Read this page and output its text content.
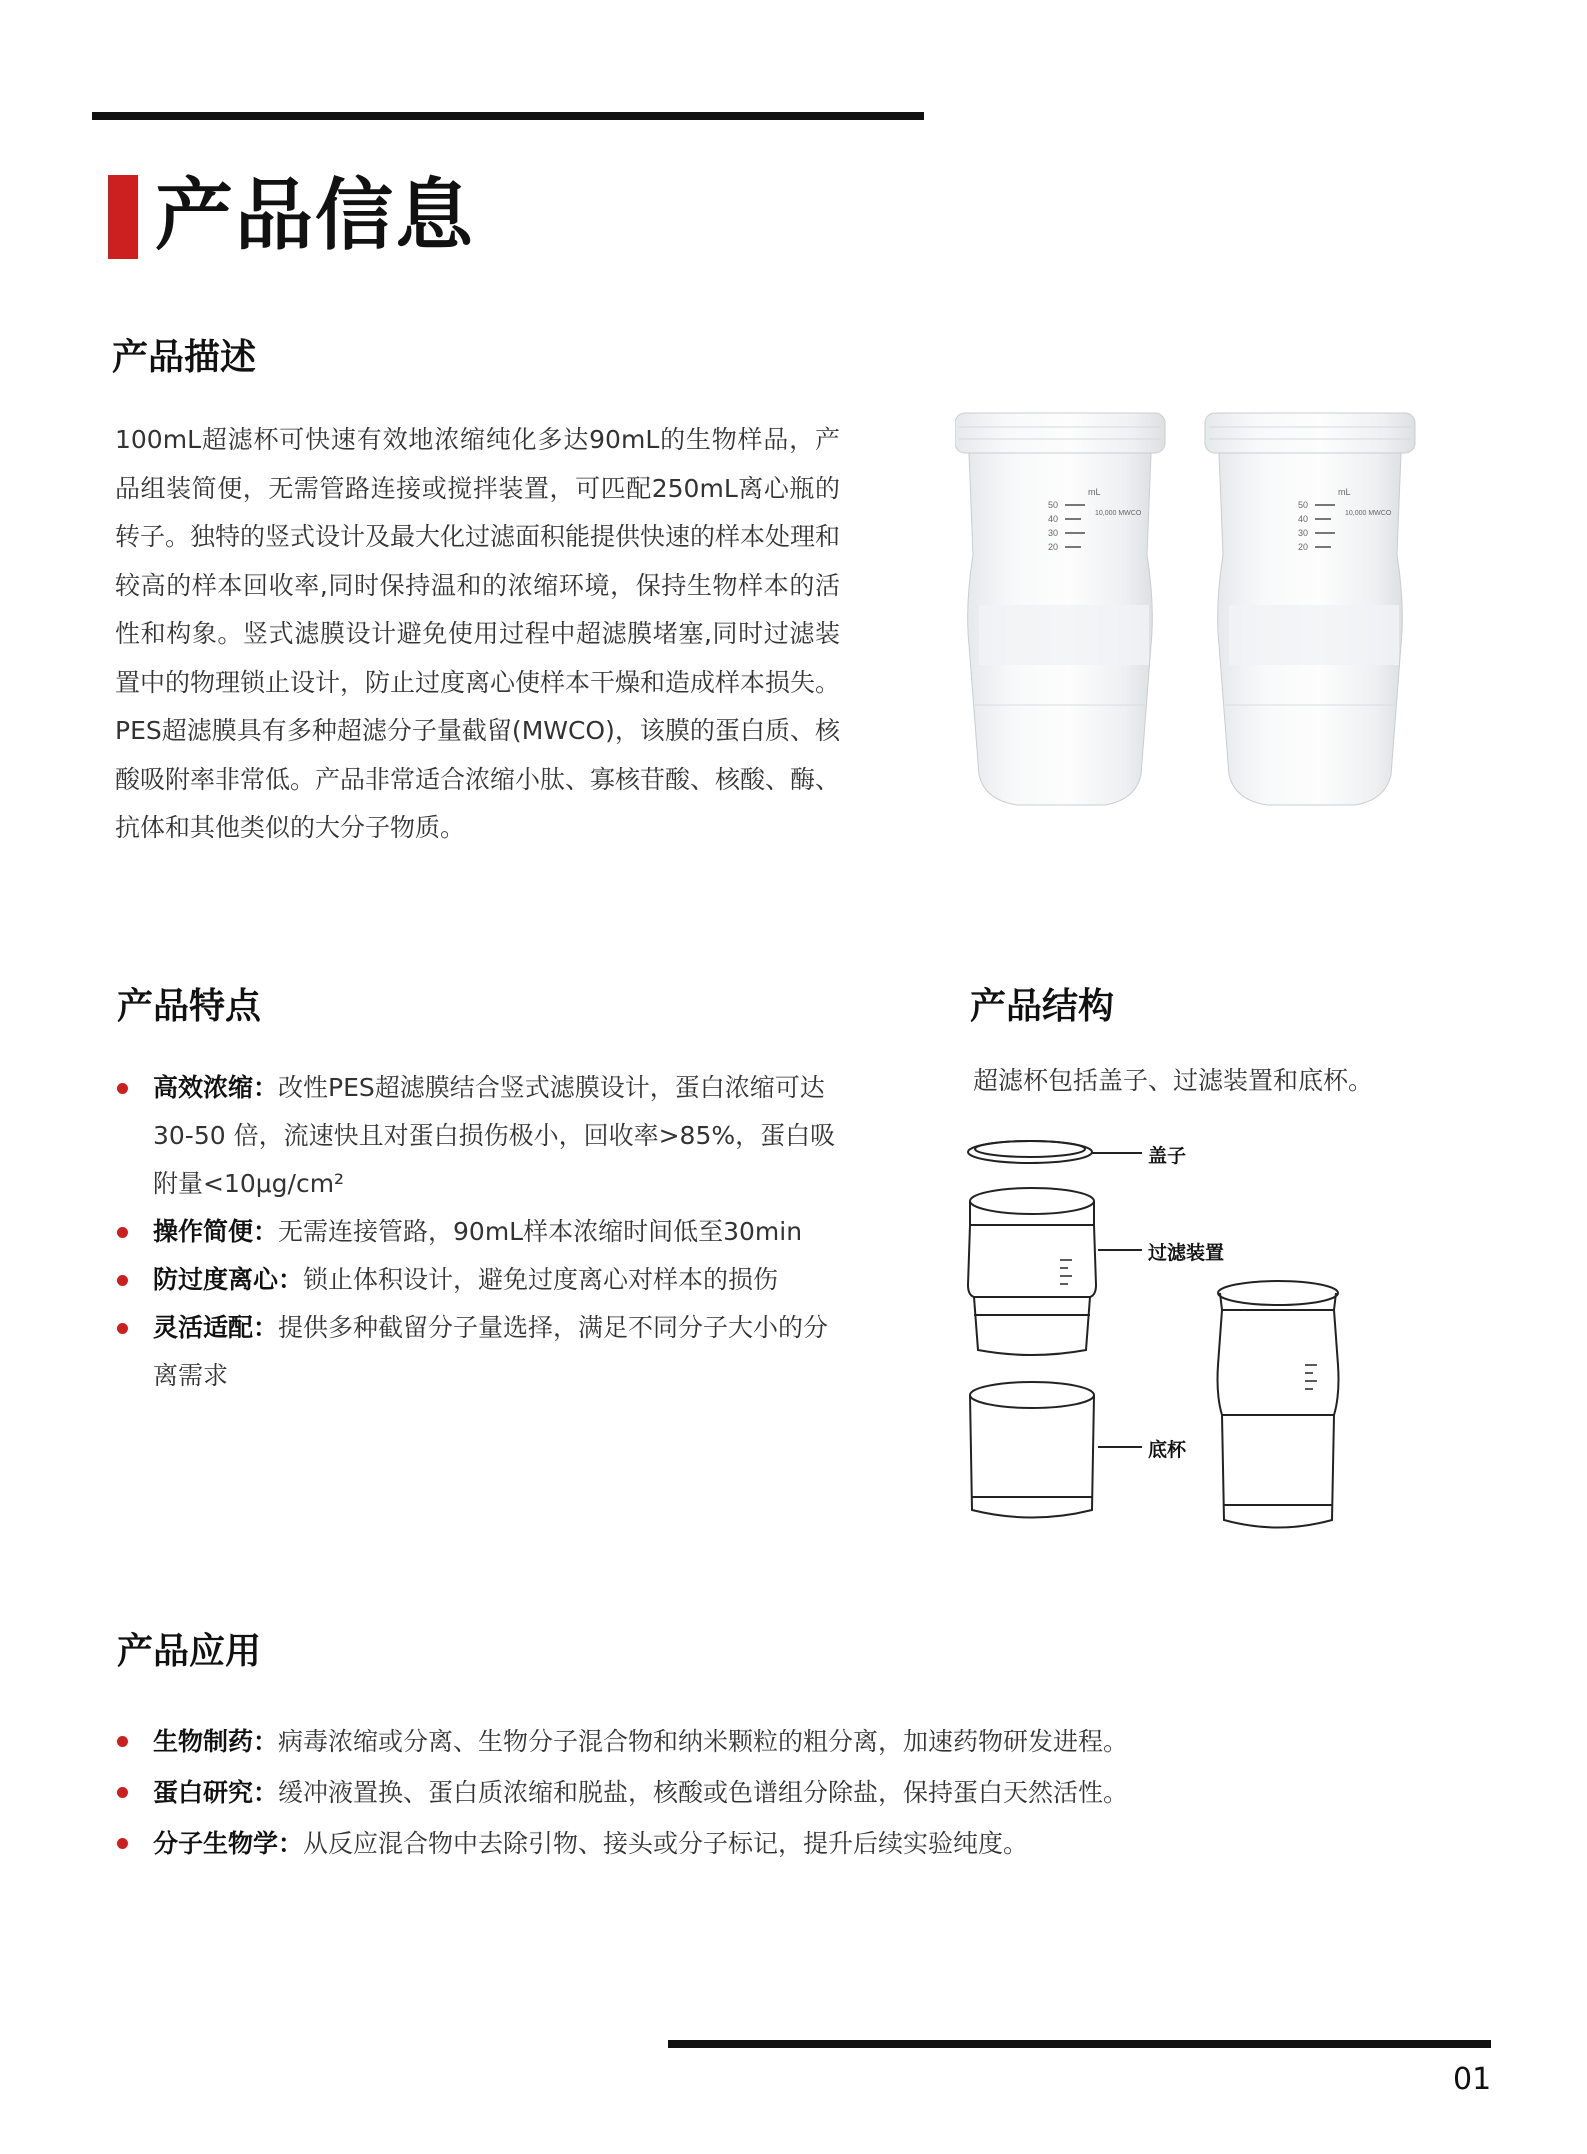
产品信息
产品描述

100mL超滤杯可快速有效地浓缩纯化多达90mL的生物样品，产品组装简便，无需管路连接或搅拌装置，可匹配250mL离心瓶的转子。独特的竖式设计及最大化过滤面积能提供快速的样本处理和较高的样本回收率,同时保持温和的浓缩环境，保持生物样本的活性和构象。竖式滤膜设计避免使用过程中超滤膜堵塞,同时过滤装置中的物理锁止设计，防止过度离心使样本干燥和造成样本损失。PES超滤膜具有多种超滤分子量截留(MWCO)，该膜的蛋白质、核酸吸附率非常低。产品非常适合浓缩小肽、寡核苷酸、核酸、酶、抗体和其他类似的大分子物质。

50
40
30
20
mL
10,000 MWCO
50
40
30
20
mL
10,000 MWCO
产品特点
高效浓缩：改性PES超滤膜结合竖式滤膜设计，蛋白浓缩可达30-50 倍，流速快且对蛋白损伤极小，回收率>85%，蛋白吸附量<10μg/cm²
操作简便：无需连接管路，90mL样本浓缩时间低至30min
防过度离心：锁止体积设计，避免过度离心对样本的损伤
灵活适配：提供多种截留分子量选择，满足不同分子大小的分离需求
产品结构
超滤杯包括盖子、过滤装置和底杯。
盖子
过滤装置
底杯
产品应用
生物制药：病毒浓缩或分离、生物分子混合物和纳米颗粒的粗分离，加速药物研发进程。
蛋白研究：缓冲液置换、蛋白质浓缩和脱盐，核酸或色谱组分除盐，保持蛋白天然活性。
分子生物学：从反应混合物中去除引物、接头或分子标记，提升后续实验纯度。
01
